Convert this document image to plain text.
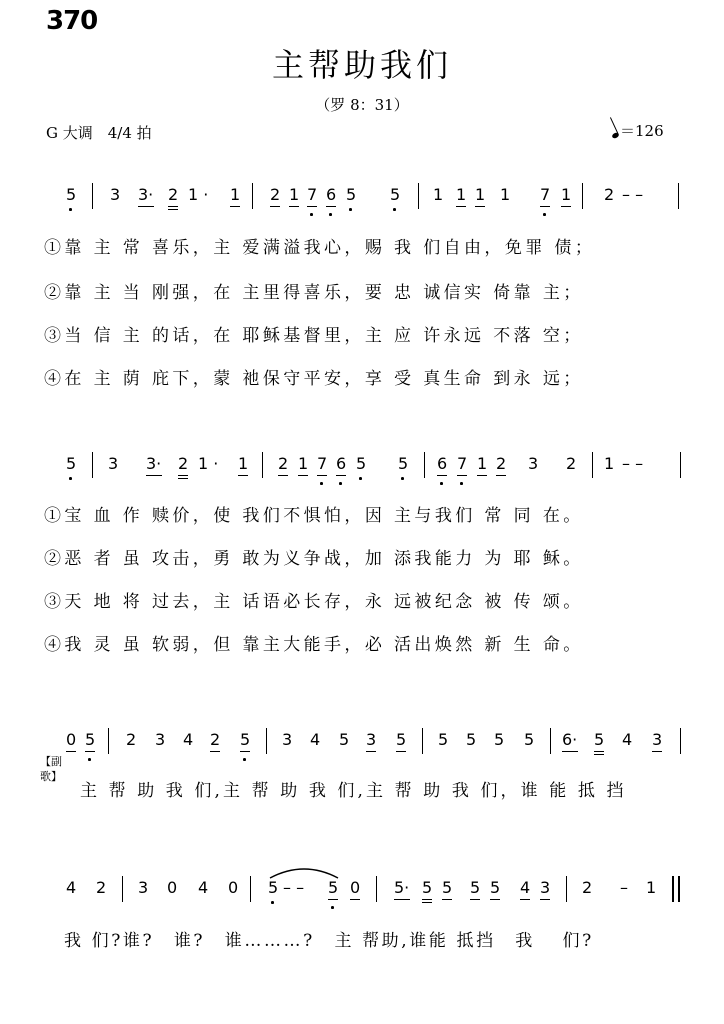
370
主帮助我们
（罗 8：31）
G 大调　4/4 拍	＝126
5 3 3· 2 1 · 1 2 1 7 6 5 5 1 1 1 1 7 1 2 – –
①靠 主 常 喜乐，主 爱满溢我心，赐 我 们自由，免罪 债；
②靠 主 当 刚强，在 主里得喜乐，要 忠 诚信实 倚靠 主；
③当 信 主 的话，在 耶稣基督里，主 应 许永远 不落 空；
④在 主 荫 庇下，蒙 祂保守平安，享 受 真生命 到永 远；
5 3 3· 2 1 · 1 2 1 7 6 5 5 6 7 1 2 3 2 1 – –
①宝 血 作 赎价，使 我们不惧怕，因 主与我们 常 同 在。
②恶 者 虽 攻击，勇 敢为义争战，加 添我能力 为 耶 稣。
③天 地 将 过去，主 话语必长存，永 远被纪念 被 传 颂。
④我 灵 虽 软弱，但 靠主大能手，必 活出焕然 新 生 命。
0 5 2 3 4 2 5 3 4 5 3 5 5 5 5 5 6· 5 4 3
【副歌】
主 帮 助 我 们,主 帮 助 我 们,主 帮 助 我 们，谁 能 抵 挡
4 2 3 0 4 0 5 – – 5 0 5· 5 5 5 5 4 3 2 – 1
我 们?谁?　谁?　谁………?　主 帮助,谁能 抵挡　我　 们?
